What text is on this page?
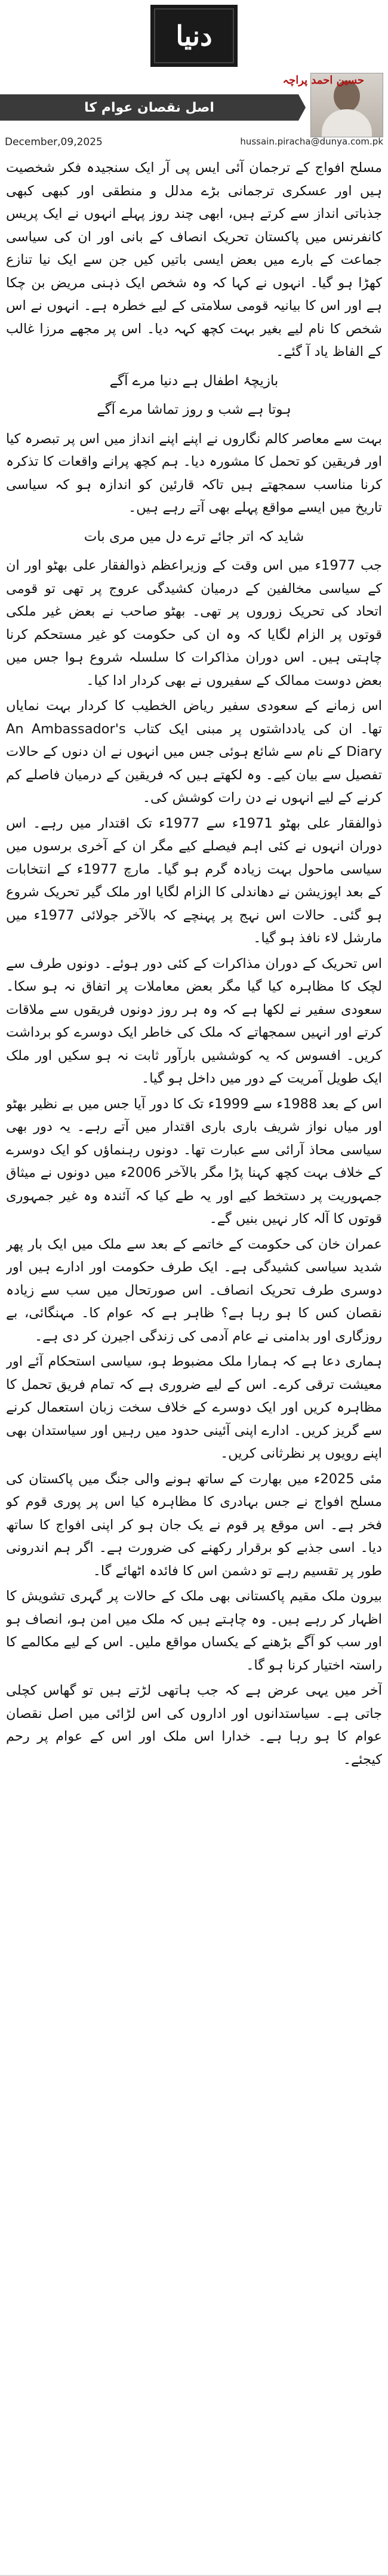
دنیا
اصل نقصان عوام کا
حسین احمد پراچہ
December,09,2025	hussain.piracha@dunya.com.pk

مسلح افواج کے ترجمان آئی ایس پی آر ایک سنجیدہ فکر شخصیت ہیں اور عسکری ترجمانی بڑے مدلل و منطقی اور کبھی کبھی جذباتی انداز سے کرتے ہیں، ابھی چند روز پہلے انہوں نے ایک پریس کانفرنس میں پاکستان تحریک انصاف کے بانی اور ان کی سیاسی جماعت کے بارے میں بعض ایسی باتیں کیں جن سے ایک نیا تنازع کھڑا ہو گیا۔ انہوں نے کہا کہ وہ شخص ایک ذہنی مریض بن چکا ہے اور اس کا بیانیہ قومی سلامتی کے لیے خطرہ ہے۔ انہوں نے اس شخص کا نام لیے بغیر بہت کچھ کہہ دیا۔ اس پر مجھے مرزا غالب کے الفاظ یاد آ گئے۔

بازیچۂ اطفال ہے دنیا مرے آگے

ہوتا ہے شب و روز تماشا مرے آگے

بہت سے معاصر کالم نگاروں نے اپنے اپنے انداز میں اس پر تبصرہ کیا اور فریقین کو تحمل کا مشورہ دیا۔ ہم کچھ پرانے واقعات کا تذکرہ کرنا مناسب سمجھتے ہیں تاکہ قارئین کو اندازہ ہو کہ سیاسی تاریخ میں ایسے مواقع پہلے بھی آتے رہے ہیں۔

شاید کہ اتر جائے ترے دل میں مری بات

جب 1977ء میں اس وقت کے وزیراعظم ذوالفقار علی بھٹو اور ان کے سیاسی مخالفین کے درمیان کشیدگی عروج پر تھی تو قومی اتحاد کی تحریک زوروں پر تھی۔ بھٹو صاحب نے بعض غیر ملکی قوتوں پر الزام لگایا کہ وہ ان کی حکومت کو غیر مستحکم کرنا چاہتی ہیں۔ اس دوران مذاکرات کا سلسلہ شروع ہوا جس میں بعض دوست ممالک کے سفیروں نے بھی کردار ادا کیا۔

اس زمانے کے سعودی سفیر ریاض الخطیب کا کردار بہت نمایاں تھا۔ ان کی یادداشتوں پر مبنی ایک کتاب An Ambassador's Diary کے نام سے شائع ہوئی جس میں انہوں نے ان دنوں کے حالات تفصیل سے بیان کیے۔ وہ لکھتے ہیں کہ فریقین کے درمیان فاصلے کم کرنے کے لیے انہوں نے دن رات کوشش کی۔

ذوالفقار علی بھٹو 1971ء سے 1977ء تک اقتدار میں رہے۔ اس دوران انہوں نے کئی اہم فیصلے کیے مگر ان کے آخری برسوں میں سیاسی ماحول بہت زیادہ گرم ہو گیا۔ مارچ 1977ء کے انتخابات کے بعد اپوزیشن نے دھاندلی کا الزام لگایا اور ملک گیر تحریک شروع ہو گئی۔ حالات اس نہج پر پہنچے کہ بالآخر جولائی 1977ء میں مارشل لاء نافذ ہو گیا۔

اس تحریک کے دوران مذاکرات کے کئی دور ہوئے۔ دونوں طرف سے لچک کا مظاہرہ کیا گیا مگر بعض معاملات پر اتفاق نہ ہو سکا۔ سعودی سفیر نے لکھا ہے کہ وہ ہر روز دونوں فریقوں سے ملاقات کرتے اور انہیں سمجھاتے کہ ملک کی خاطر ایک دوسرے کو برداشت کریں۔ افسوس کہ یہ کوششیں بارآور ثابت نہ ہو سکیں اور ملک ایک طویل آمریت کے دور میں داخل ہو گیا۔

اس کے بعد 1988ء سے 1999ء تک کا دور آیا جس میں بے نظیر بھٹو اور میاں نواز شریف باری باری اقتدار میں آتے رہے۔ یہ دور بھی سیاسی محاذ آرائی سے عبارت تھا۔ دونوں رہنماؤں کو ایک دوسرے کے خلاف بہت کچھ کہنا پڑا مگر بالآخر 2006ء میں دونوں نے میثاق جمہوریت پر دستخط کیے اور یہ طے کیا کہ آئندہ وہ غیر جمہوری قوتوں کا آلہ کار نہیں بنیں گے۔

عمران خان کی حکومت کے خاتمے کے بعد سے ملک میں ایک بار پھر شدید سیاسی کشیدگی ہے۔ ایک طرف حکومت اور ادارے ہیں اور دوسری طرف تحریک انصاف۔ اس صورتحال میں سب سے زیادہ نقصان کس کا ہو رہا ہے؟ ظاہر ہے کہ عوام کا۔ مہنگائی، بے روزگاری اور بدامنی نے عام آدمی کی زندگی اجیرن کر دی ہے۔

ہماری دعا ہے کہ ہمارا ملک مضبوط ہو، سیاسی استحکام آئے اور معیشت ترقی کرے۔ اس کے لیے ضروری ہے کہ تمام فریق تحمل کا مظاہرہ کریں اور ایک دوسرے کے خلاف سخت زبان استعمال کرنے سے گریز کریں۔ ادارے اپنی آئینی حدود میں رہیں اور سیاستدان بھی اپنے رویوں پر نظرثانی کریں۔

مئی 2025ء میں بھارت کے ساتھ ہونے والی جنگ میں پاکستان کی مسلح افواج نے جس بہادری کا مظاہرہ کیا اس پر پوری قوم کو فخر ہے۔ اس موقع پر قوم نے یک جان ہو کر اپنی افواج کا ساتھ دیا۔ اسی جذبے کو برقرار رکھنے کی ضرورت ہے۔ اگر ہم اندرونی طور پر تقسیم رہے تو دشمن اس کا فائدہ اٹھائے گا۔

بیرون ملک مقیم پاکستانی بھی ملک کے حالات پر گہری تشویش کا اظہار کر رہے ہیں۔ وہ چاہتے ہیں کہ ملک میں امن ہو، انصاف ہو اور سب کو آگے بڑھنے کے یکساں مواقع ملیں۔ اس کے لیے مکالمے کا راستہ اختیار کرنا ہو گا۔

آخر میں یہی عرض ہے کہ جب ہاتھی لڑتے ہیں تو گھاس کچلی جاتی ہے۔ سیاستدانوں اور اداروں کی اس لڑائی میں اصل نقصان عوام کا ہو رہا ہے۔ خدارا اس ملک اور اس کے عوام پر رحم کیجئے۔
